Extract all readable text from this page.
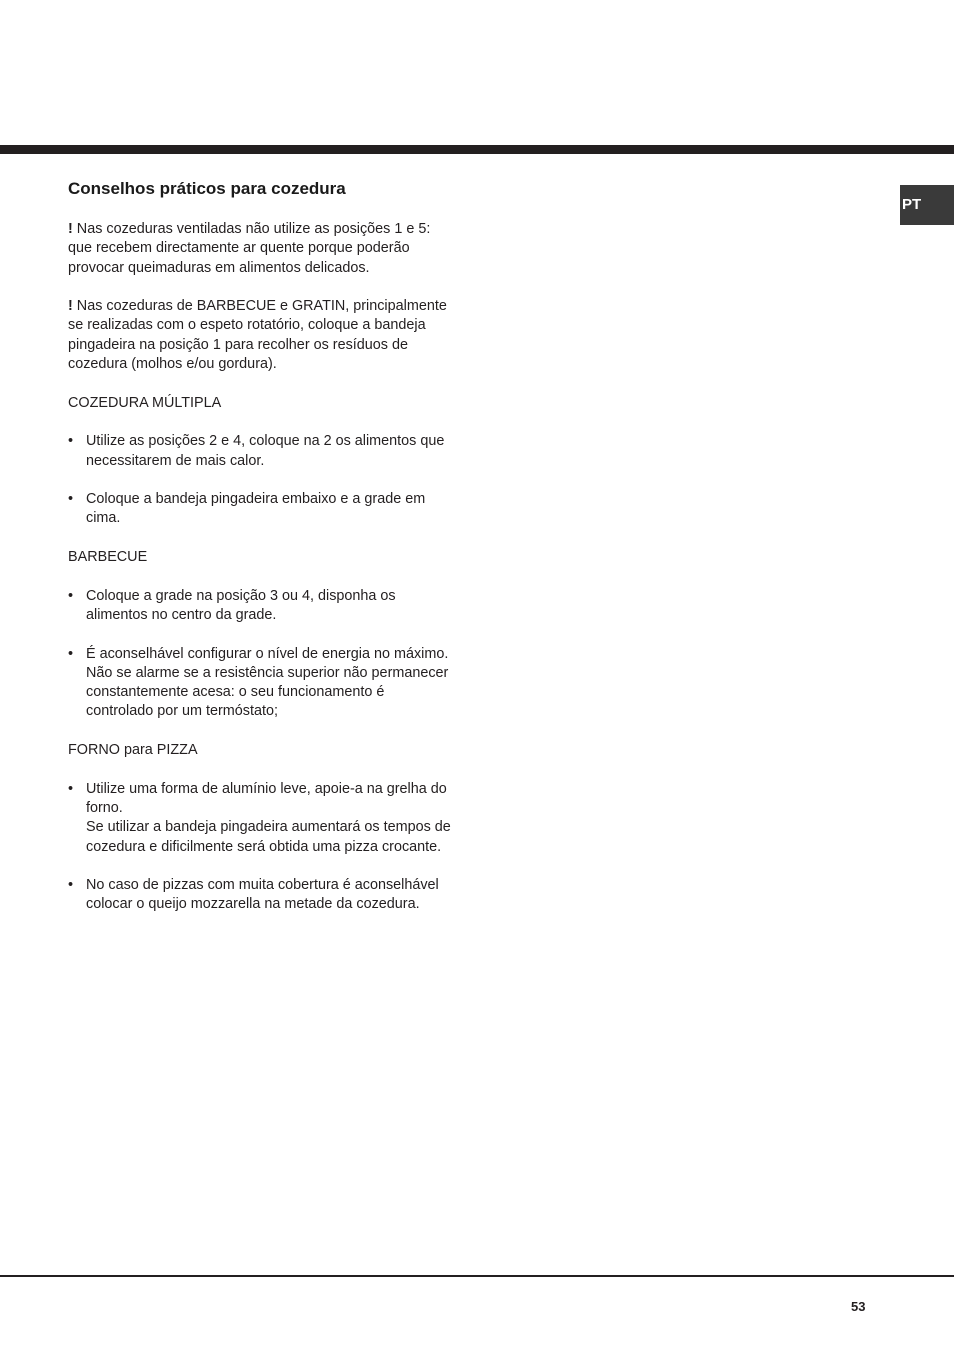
PT
Conselhos práticos para cozedura

! Nas cozeduras ventiladas não utilize as posições 1 e 5: que recebem directamente ar quente porque poderão provocar queimaduras em alimentos delicados.

! Nas cozeduras de BARBECUE e GRATIN, principalmente se realizadas com o espeto rotatório, coloque a bandeja pingadeira na posição 1 para recolher os resíduos de cozedura (molhos e/ou gordura).

COZEDURA MÚLTIPLA

• Utilize as posições 2 e 4, coloque na 2 os alimentos que necessitarem de mais calor.
• Coloque a bandeja pingadeira embaixo e a grade em cima.

BARBECUE

• Coloque a grade na posição 3 ou 4, disponha os alimentos no centro da grade.
• É aconselhável configurar o nível de energia no máximo. Não se alarme se a resistência superior não permanecer constantemente acesa: o seu funcionamento é controlado por um termóstato;

FORNO para PIZZA

• Utilize uma forma de alumínio leve, apoie-a na grelha do forno.
Se utilizar a bandeja pingadeira aumentará os tempos de cozedura e dificilmente será obtida uma pizza crocante.
• No caso de pizzas com muita cobertura é aconselhável colocar o queijo mozzarella na metade da cozedura.
53
